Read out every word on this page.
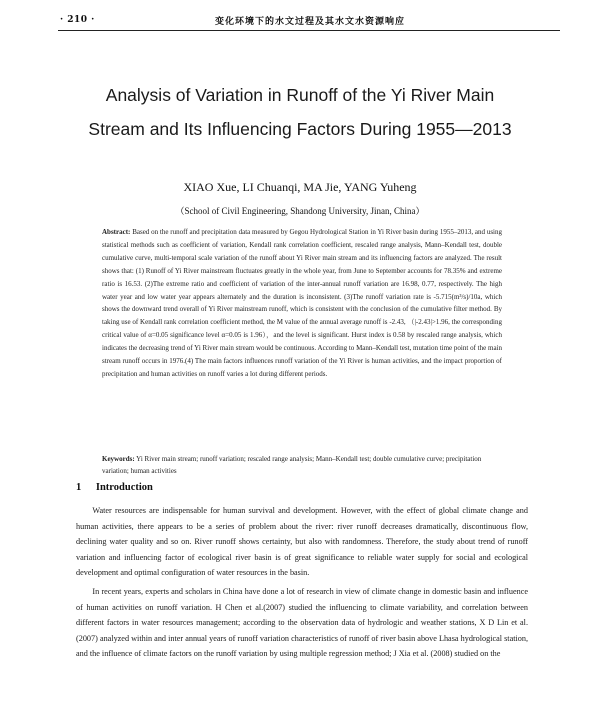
· 210 ·	变化环境下的水文过程及其水文水资源响应
Analysis of Variation in Runoff of the Yi River Main
Stream and Its Influencing Factors During 1955—2013
XIAO Xue, LI Chuanqi, MA Jie, YANG Yuheng
（School of Civil Engineering, Shandong University, Jinan, China）
Abstract: Based on the runoff and precipitation data measured by Gegou Hydrological Station in Yi River basin during 1955–2013, and using statistical methods such as coefficient of variation, Kendall rank correlation coefficient, rescaled range analysis, Mann–Kendall test, double cumulative curve, multi-temporal scale variation of the runoff about Yi River main stream and its influencing factors are analyzed. The result shows that: (1) Runoff of Yi River mainstream fluctuates greatly in the whole year, from June to September accounts for 78.35% and extreme ratio is 16.53. (2)The extreme ratio and coefficient of variation of the inter-annual runoff variation are 16.98, 0.77, respectively. The high water year and low water year appears alternately and the duration is inconsistent. (3)The runoff variation rate is -5.715(m³/s)/10a, which shows the downward trend overall of Yi River mainstream runoff, which is consistent with the conclusion of the cumulative filter method. By taking use of Kendall rank correlation coefficient method, the M value of the annual average runoff is -2.43, （|-2.43|>1.96, the corresponding critical value of α=0.05 significance level α=0.05 is 1.96），and the level is significant. Hurst index is 0.58 by rescaled range analysis, which indicates the decreasing trend of Yi River main stream would be continuous. According to Mann–Kendall test, mutation time point of the main stream runoff occurs in 1976.(4) The main factors influences runoff variation of the Yi River is human activities, and the impact proportion of precipitation and human activities on runoff varies a lot during different periods.
Keywords: Yi River main stream; runoff variation; rescaled range analysis; Mann–Kendall test; double cumulative curve; precipitation variation; human activities
1 Introduction

Water resources are indispensable for human survival and development. However, with the effect of global climate change and human activities, there appears to be a series of problem about the river: river runoff decreases dramatically, discontinuous flow, declining water quality and so on. River runoff shows certainty, but also with randomness. Therefore, the study about trend of runoff variation and influencing factor of ecological river basin is of great significance to reliable water supply for social and ecological development and optimal configuration of water resources in the basin.

In recent years, experts and scholars in China have done a lot of research in view of climate change in domestic basin and influence of human activities on runoff variation. H Chen et al.(2007) studied the influencing to climate variability, and correlation between different factors in water resources management; according to the observation data of hydrologic and weather stations, X D Lin et al. (2007) analyzed within and inter annual years of runoff variation characteristics of runoff of river basin above Lhasa hydrological station, and the influence of climate factors on the runoff variation by using multiple regression method; J Xia et al. (2008) studied on the
